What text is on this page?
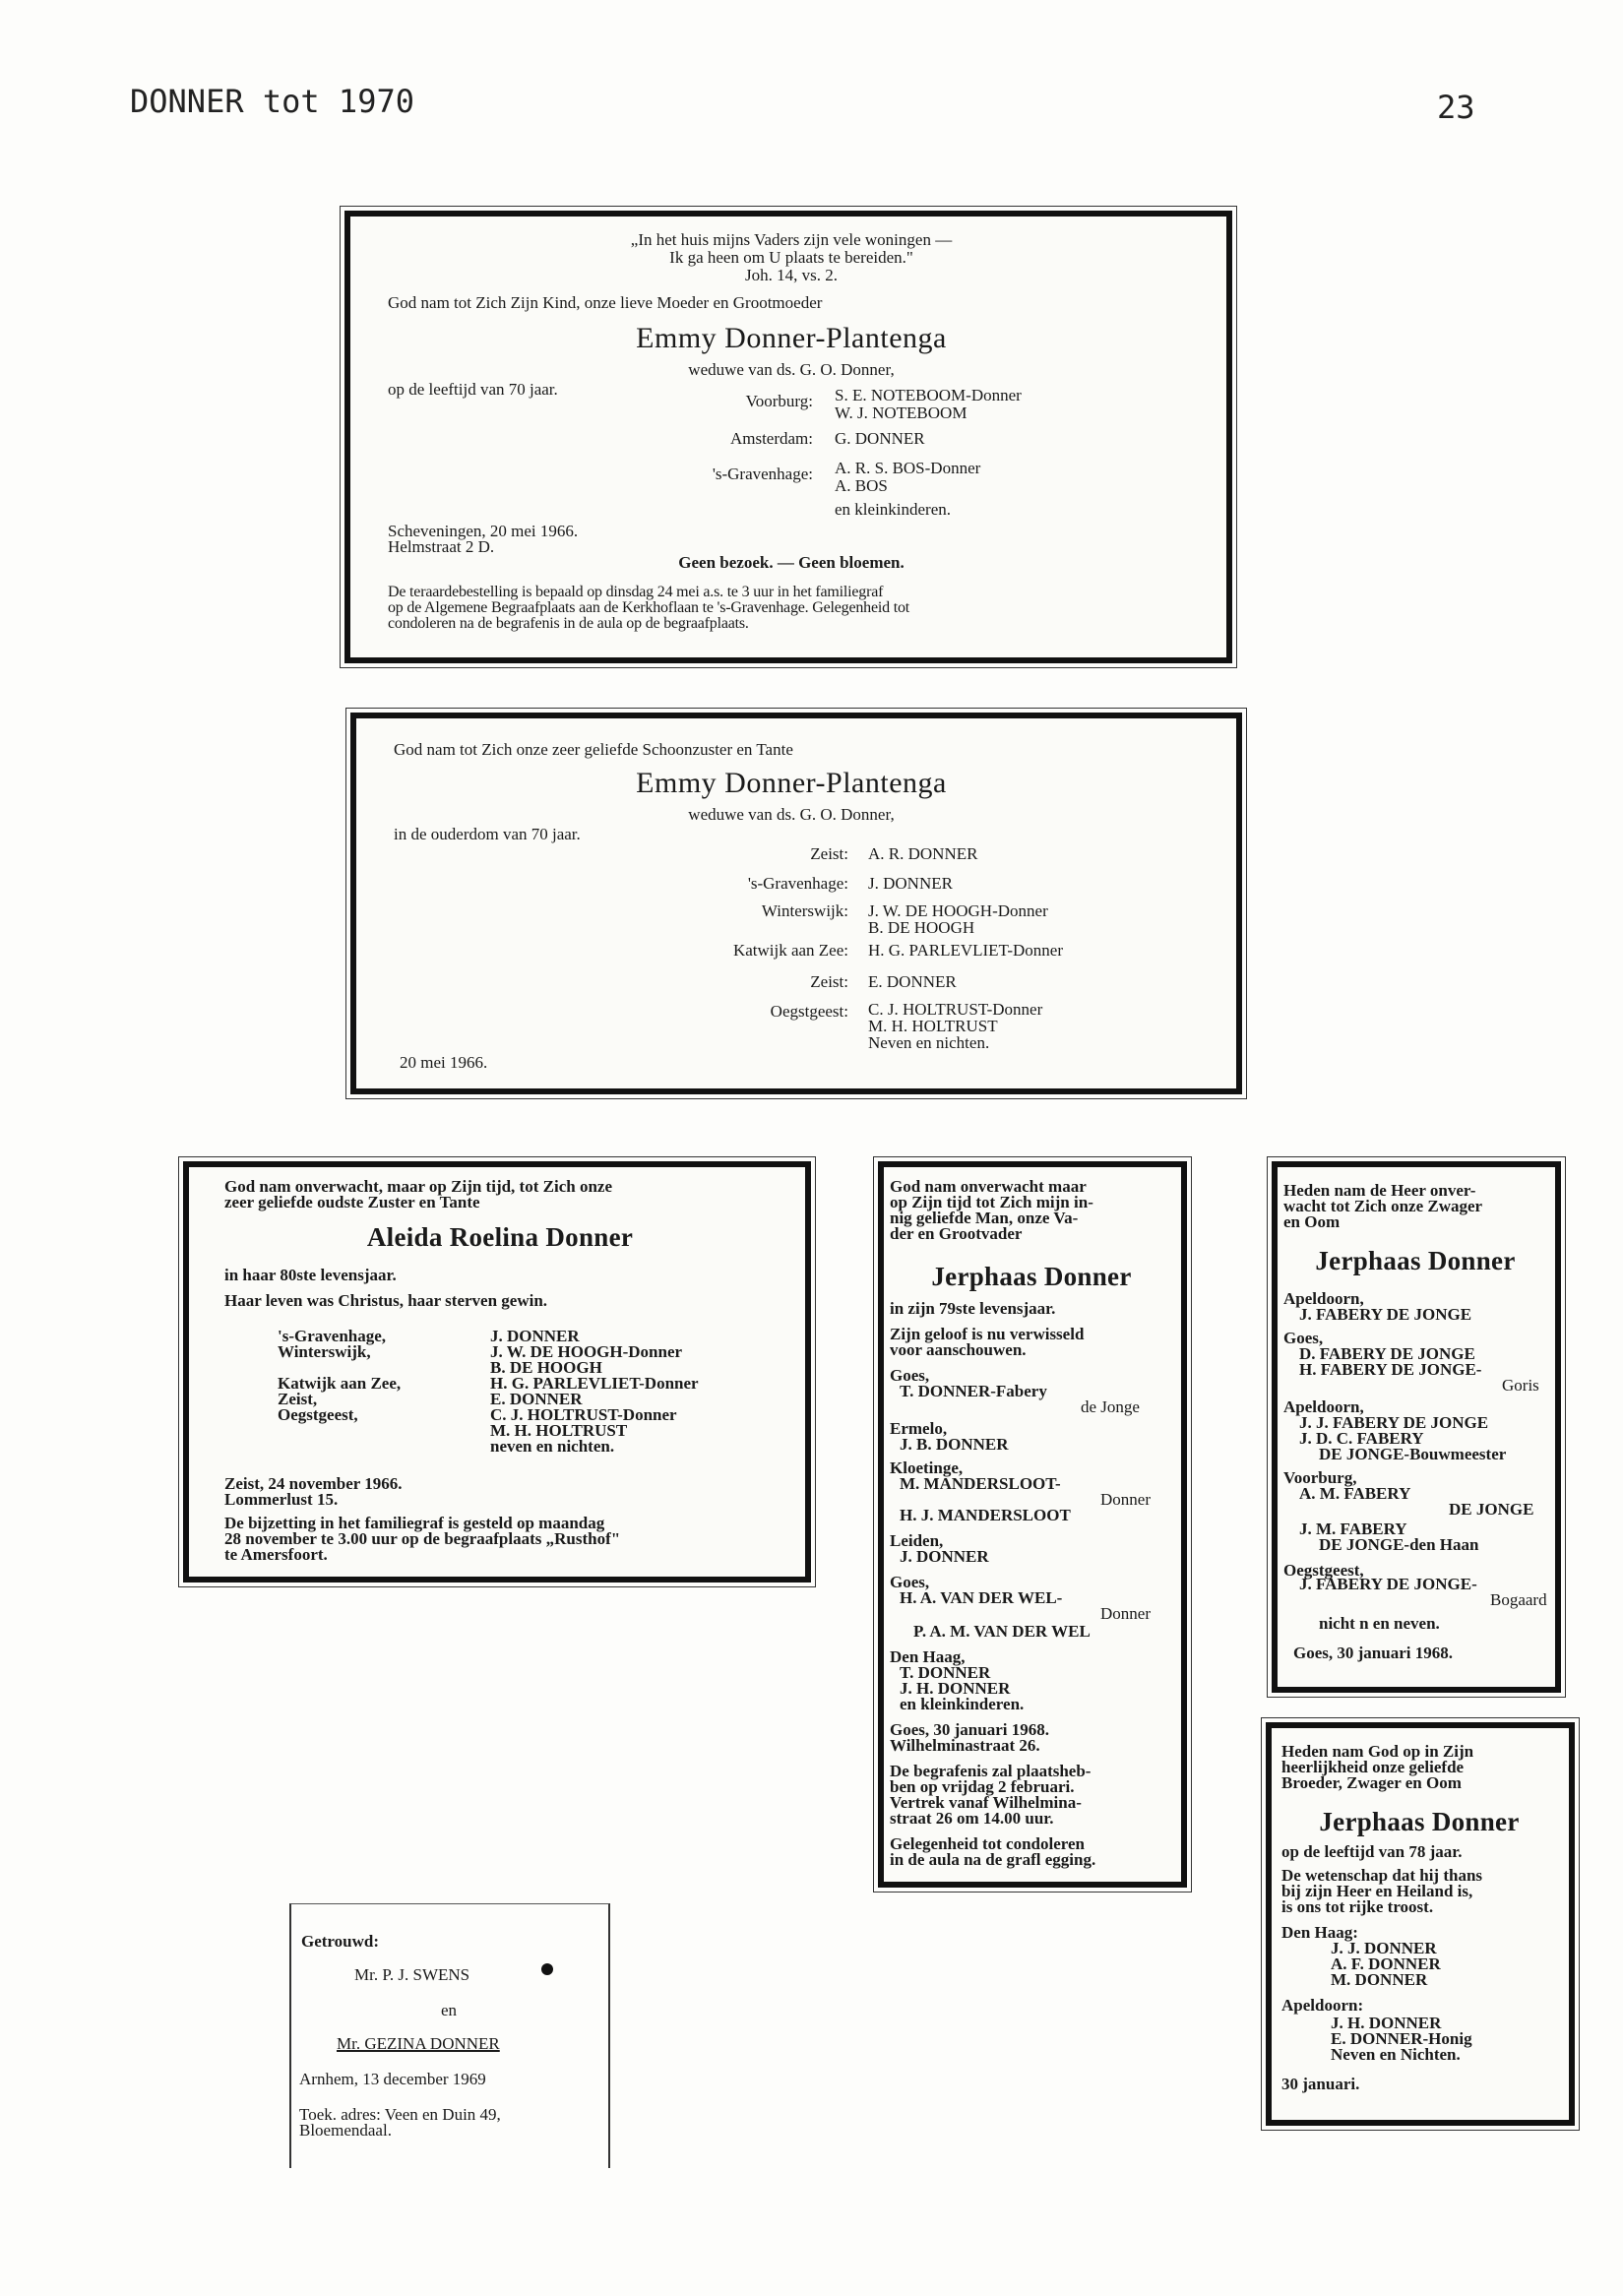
DONNER tot 1970	23
„In het huis mijns Vaders zijn vele woningen —
Ik ga heen om U plaats te bereiden."
Joh. 14, vs. 2.
God nam tot Zich Zijn Kind, onze lieve Moeder en Grootmoeder
Emmy Donner-Plantenga
weduwe van ds. G. O. Donner,
op de leeftijd van 70 jaar.
Voorburg: S. E. NOTEBOOM-Donner
W. J. NOTEBOOM
Amsterdam: G. DONNER
's-Gravenhage: A. R. S. BOS-Donner
A. BOS
en kleinkinderen.
Scheveningen, 20 mei 1966.
Helmstraat 2 D.
Geen bezoek. — Geen bloemen.
De teraardebestelling is bepaald op dinsdag 24 mei a.s. te 3 uur in het familiegraf
op de Algemene Begraafplaats aan de Kerkhoflaan te 's-Gravenhage. Gelegenheid tot
condoleren na de begrafenis in de aula op de begraafplaats.
God nam tot Zich onze zeer geliefde Schoonzuster en Tante
Emmy Donner-Plantenga
weduwe van ds. G. O. Donner,
in de ouderdom van 70 jaar.
Zeist: A. R. DONNER
's-Gravenhage: J. DONNER
Winterswijk: J. W. DE HOOGH-Donner
B. DE HOOGH
Katwijk aan Zee: H. G. PARLEVLIET-Donner
Zeist: E. DONNER
Oegstgeest: C. J. HOLTRUST-Donner
M. H. HOLTRUST
Neven en nichten.
20 mei 1966.
God nam onverwacht, maar op Zijn tijd, tot Zich onze
zeer geliefde oudste Zuster en Tante
Aleida Roelina Donner
in haar 80ste levensjaar.
Haar leven was Christus, haar sterven gewin.
's-Gravenhage,
Winterswijk,
Katwijk aan Zee,
Zeist,
Oegstgeest,
J. DONNER
J. W. DE HOOGH-Donner
B. DE HOOGH
H. G. PARLEVLIET-Donner
E. DONNER
C. J. HOLTRUST-Donner
M. H. HOLTRUST
neven en nichten.
Zeist, 24 november 1966.
Lommerlust 15.
De bijzetting in het familiegraf is gesteld op maandag
28 november te 3.00 uur op de begraafplaats „Rusthof"
te Amersfoort.
God nam onverwacht maar
op Zijn tijd tot Zich mijn in-
nig geliefde Man, onze Va-
der en Grootvader
Jerphaas Donner
in zijn 79ste levensjaar.
Zijn geloof is nu verwisseld
voor aanschouwen.
Goes,
T. DONNER-Fabery
de Jonge
Ermelo,
J. B. DONNER
Kloetinge,
M. MANDERSLOOT-
Donner
H. J. MANDERSLOOT
Leiden,
J. DONNER
Goes,
H. A. VAN DER WEL-
Donner
P. A. M. VAN DER WEL
Den Haag,
T. DONNER
J. H. DONNER
en kleinkinderen.
Goes, 30 januari 1968.
Wilhelminastraat 26.
De begrafenis zal plaatsheb-
ben op vrijdag 2 februari.
Vertrek vanaf Wilhelmina-
straat 26 om 14.00 uur.
Gelegenheid tot condoleren
in de aula na de grafl egging.
Heden nam de Heer onver-
wacht tot Zich onze Zwager
en Oom
Jerphaas Donner
Apeldoorn,
J. FABERY DE JONGE
Goes,
D. FABERY DE JONGE
H. FABERY DE JONGE-
Goris
Apeldoorn,
J. J. FABERY DE JONGE
J. D. C. FABERY
DE JONGE-Bouwmeester
Voorburg,
A. M. FABERY
DE JONGE
J. M. FABERY
DE JONGE-den Haan
Oegstgeest,
J. FABERY DE JONGE-
Bogaard
nicht n en neven.
Goes, 30 januari 1968.
Heden nam God op in Zijn
heerlijkheid onze geliefde
Broeder, Zwager en Oom
Jerphaas Donner
op de leeftijd van 78 jaar.
De wetenschap dat hij thans
bij zijn Heer en Heiland is,
is ons tot rijke troost.
Den Haag:
J. J. DONNER
A. F. DONNER
M. DONNER
Apeldoorn:
J. H. DONNER
E. DONNER-Honig
Neven en Nichten.
30 januari.
Getrouwd:
Mr. P. J. SWENS
en
Mr. GEZINA DONNER
Arnhem, 13 december 1969
Toek. adres: Veen en Duin 49,
Bloemendaal.
